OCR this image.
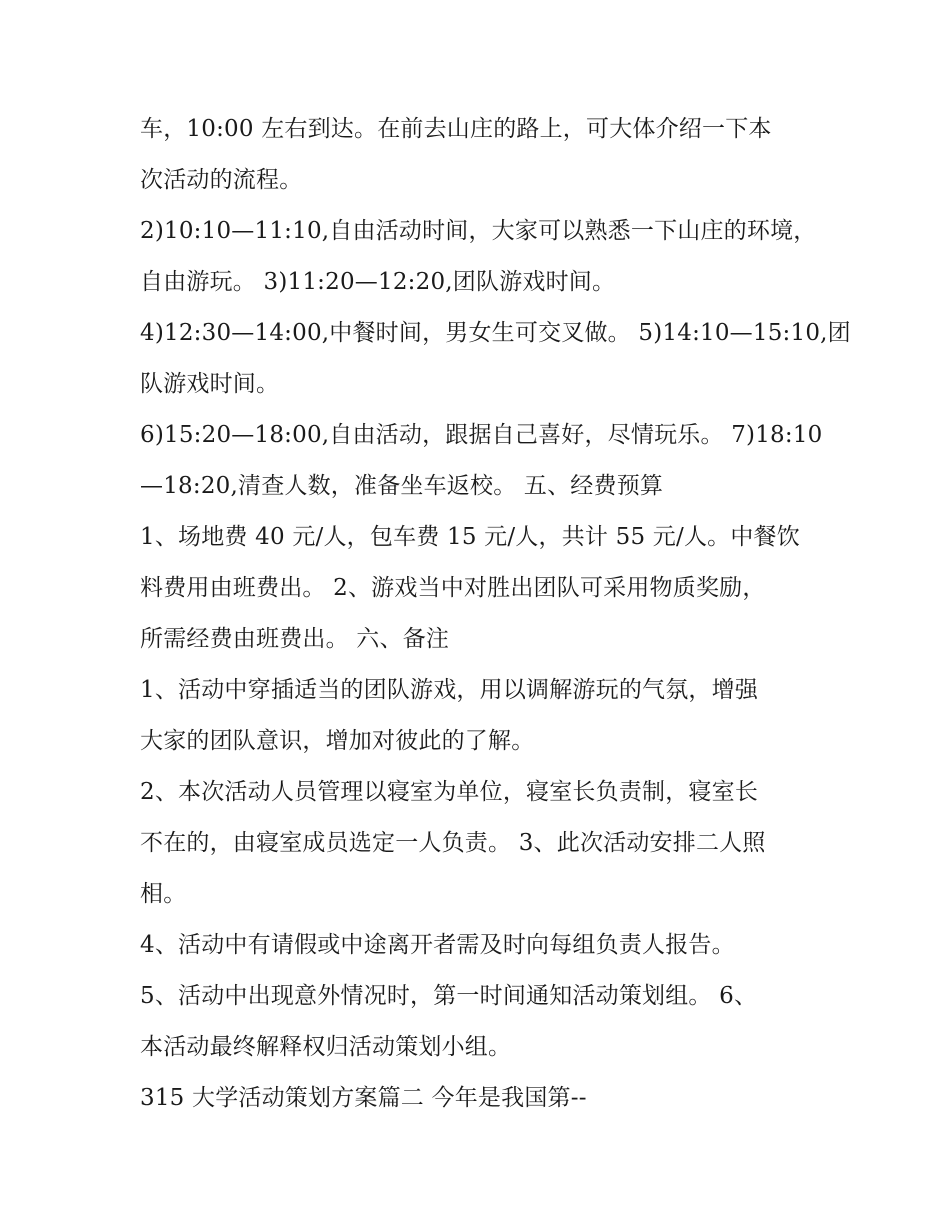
车，10:00 左右到达。在前去山庄的路上，可大体介绍一下本
次活动的流程。
2)10:10—11:10,自由活动时间，大家可以熟悉一下山庄的环境，
自由游玩。 3)11:20—12:20,团队游戏时间。
4)12:30—14:00,中餐时间，男女生可交叉做。 5)14:10—15:10,团
队游戏时间。
6)15:20—18:00,自由活动，跟据自己喜好，尽情玩乐。 7)18:10
—18:20,清查人数，准备坐车返校。 五、经费预算
1、场地费 40 元/人，包车费 15 元/人，共计 55 元/人。中餐饮
料费用由班费出。 2、游戏当中对胜出团队可采用物质奖励，
所需经费由班费出。 六、备注
1、活动中穿插适当的团队游戏，用以调解游玩的气氛，增强
大家的团队意识，增加对彼此的了解。
2、本次活动人员管理以寝室为单位，寝室长负责制，寝室长
不在的，由寝室成员选定一人负责。 3、此次活动安排二人照
相。
4、活动中有请假或中途离开者需及时向每组负责人报告。
5、活动中出现意外情况时，第一时间通知活动策划组。 6、
本活动最终解释权归活动策划小组。
315 大学活动策划方案篇二 今年是我国第--
